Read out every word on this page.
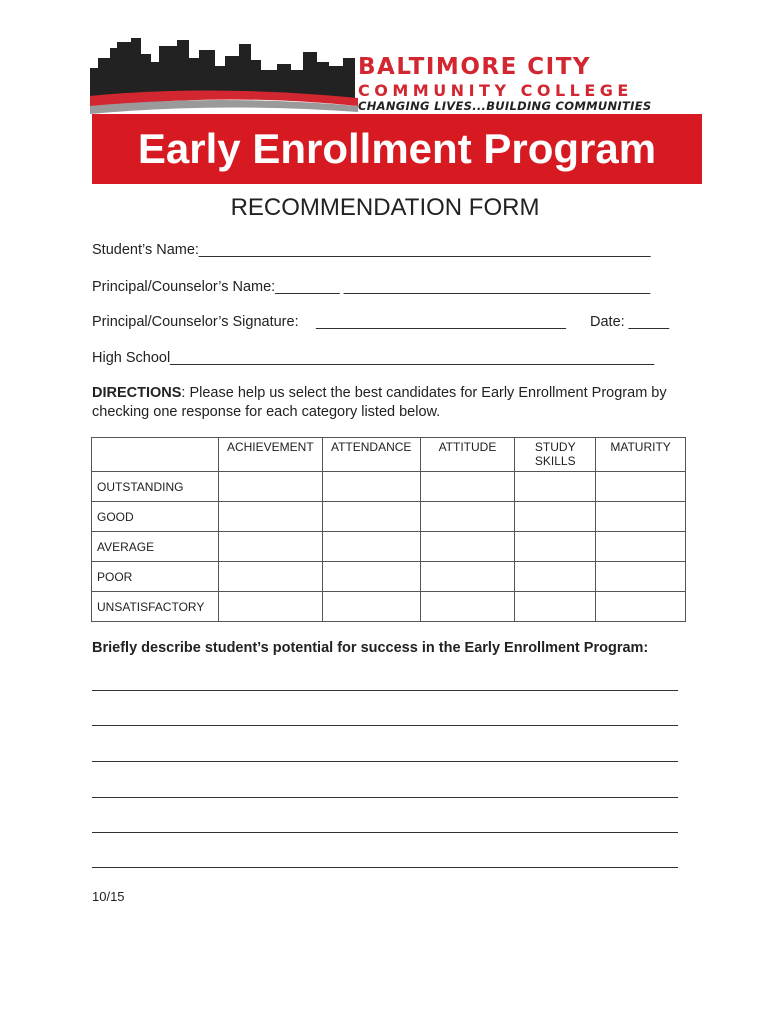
BALTIMORE CITY
COMMUNITY COLLEGE
CHANGING LIVES...BUILDING COMMUNITIES
Early Enrollment Program
RECOMMENDATION FORM
Student’s Name:________________________________________________________
Principal/Counselor’s Name:________ ______________________________________
Principal/Counselor’s Signature: _______________________________ Date: _____
High School____________________________________________________________
DIRECTIONS: Please help us select the best candidates for Early Enrollment Program by checking one response for each category listed below.
	ACHIEVEMENT	ATTENDANCE	ATTITUDE	STUDY SKILLS	MATURITY
OUTSTANDING					
GOOD					
AVERAGE					
POOR					
UNSATISFACTORY					
Briefly describe student’s potential for success in the Early Enrollment Program:
10/15
